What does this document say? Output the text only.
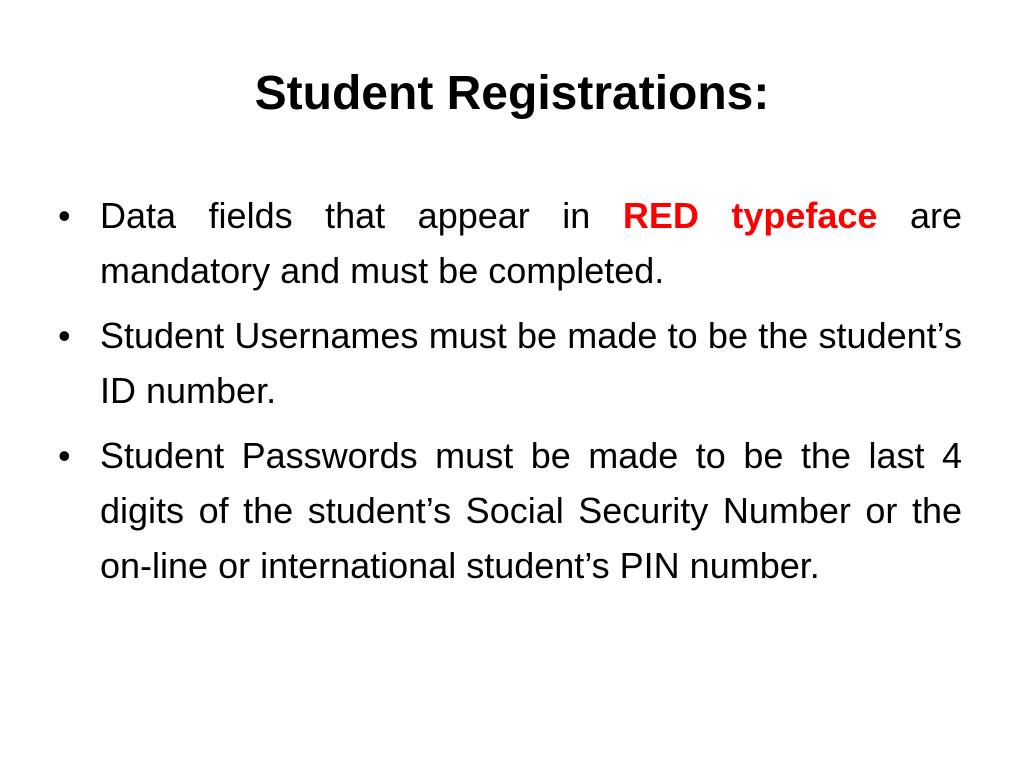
Student Registrations:
• Data fields that appear in RED typeface are mandatory and must be completed.
• Student Usernames must be made to be the student’s ID number.
• Student Passwords must be made to be the last 4 digits of the student’s Social Security Number or the on-line or international student’s PIN number.
